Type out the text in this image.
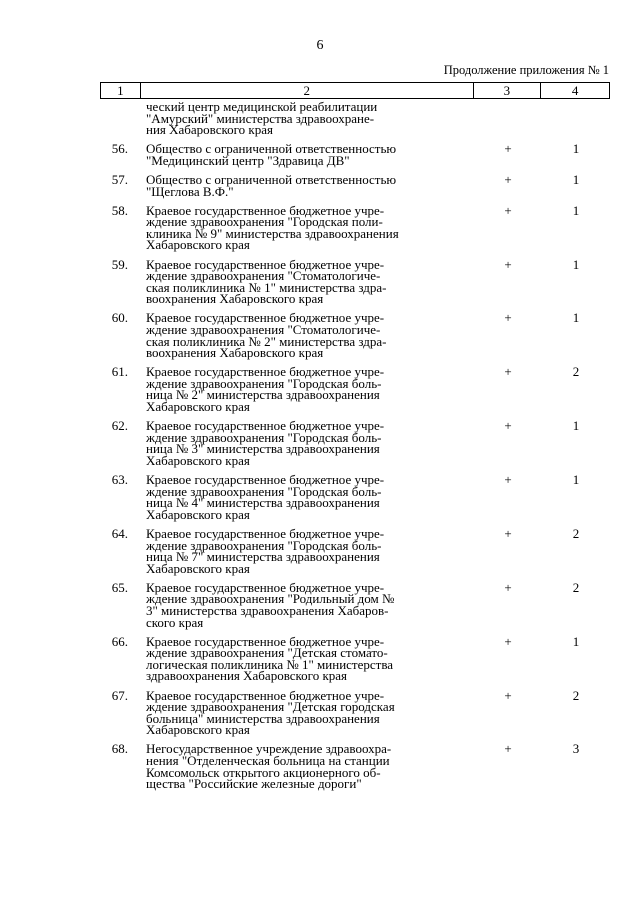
6
Продолжение приложения № 1
1	2	3	4
ческий центр медицинской реабилитации
"Амурский" министерства здравоохране-
ния Хабаровского края
56.	Общество с ограниченной ответственностью
"Медицинский центр "Здравица ДВ"
+	1
57.	Общество с ограниченной ответственностью
"Щеглова В.Ф."
+	1
58.	Краевое государственное бюджетное учре-
ждение здравоохранения "Городская поли-
клиника № 9" министерства здравоохранения
Хабаровского края
+	1
59.	Краевое государственное бюджетное учре-
ждение здравоохранения "Стоматологиче-
ская поликлиника № 1" министерства здра-
воохранения Хабаровского края
+	1
60.	Краевое государственное бюджетное учре-
ждение здравоохранения "Стоматологиче-
ская поликлиника № 2" министерства здра-
воохранения Хабаровского края
+	1
61.	Краевое государственное бюджетное учре-
ждение здравоохранения "Городская боль-
ница № 2" министерства здравоохранения
Хабаровского края
+	2
62.	Краевое государственное бюджетное учре-
ждение здравоохранения "Городская боль-
ница № 3" министерства здравоохранения
Хабаровского края
+	1
63.	Краевое государственное бюджетное учре-
ждение здравоохранения "Городская боль-
ница № 4" министерства здравоохранения
Хабаровского края
+	1
64.	Краевое государственное бюджетное учре-
ждение здравоохранения "Городская боль-
ница № 7" министерства здравоохранения
Хабаровского края
+	2
65.	Краевое государственное бюджетное учре-
ждение здравоохранения "Родильный дом №
3" министерства здравоохранения Хабаров-
ского края
+	2
66.	Краевое государственное бюджетное учре-
ждение здравоохранения "Детская стомато-
логическая поликлиника № 1" министерства
здравоохранения Хабаровского края
+	1
67.	Краевое государственное бюджетное учре-
ждение здравоохранения "Детская городская
больница" министерства здравоохранения
Хабаровского края
+	2
68.	Негосударственное учреждение здравоохра-
нения "Отделенческая больница на станции
Комсомольск открытого акционерного об-
щества "Российские железные дороги"
+	3
